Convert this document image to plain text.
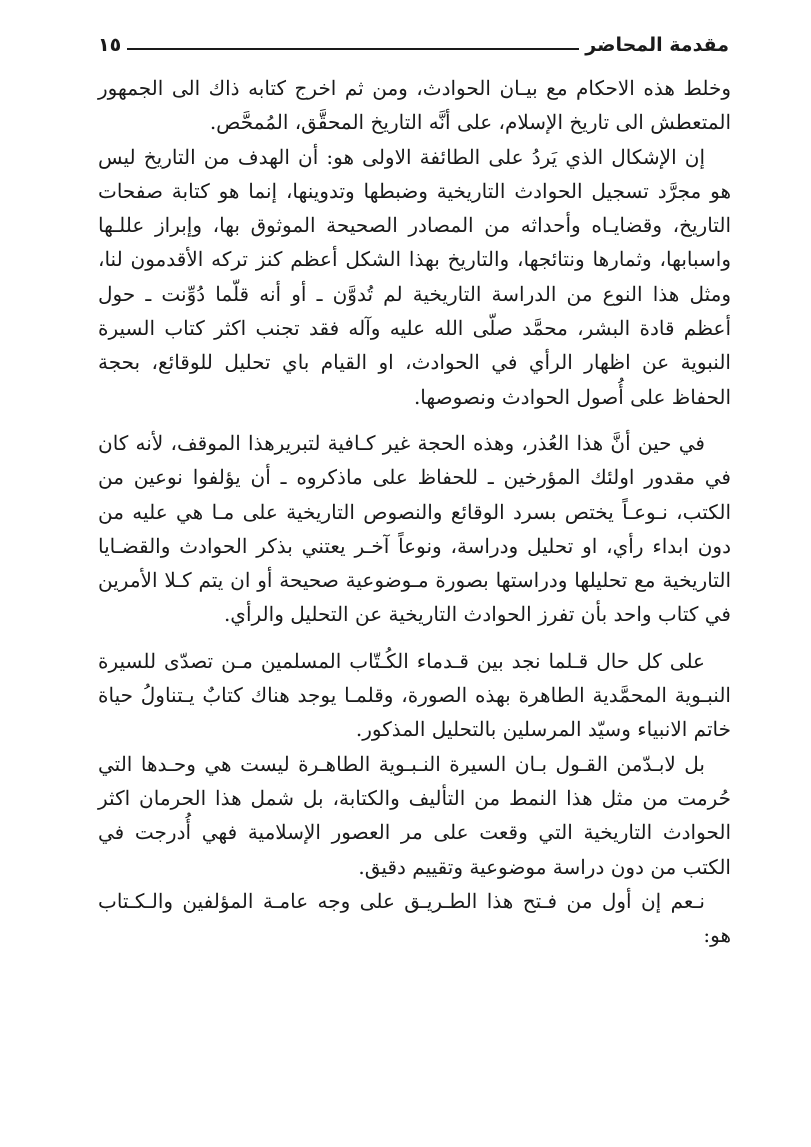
مقدمة المحاضر
١٥

وخلط هذه الاحكام مع بيـان الحوادث، ومن ثم اخرج كتابه ذاك الى الجمهور المتعطش الى تاريخ الإسلام، على أنَّه التاريخ المحقَّق، المُمحَّص.

إن الإشكال الذي يَردُ على الطائفة الاولى هو: أن الهدف من التاريخ ليس هو مجرَّد تسجيل الحوادث التاريخية وضبطها وتدوينها، إنما هو كتابة صفحات التاريخ، وقضايـاه وأحداثه من المصادر الصحيحة الموثوق بها، وإبراز عللـها واسبابها، وثمارها ونتائجها، والتاريخ بهذا الشكل أعظم كنز تركه الأقدمون لنا، ومثل هذا النوع من الدراسة التاريخية لم تُدوَّن ـ أو أنه قلّما دُوِّنت ـ حول أعظم قادة البشر، محمَّد صلّى الله عليه وآله فقد تجنب اكثر كتاب السيرة النبوية عن اظهار الرأي في الحوادث، او القيام باي تحليل للوقائع، بحجة الحفاظ على أُصول الحوادث ونصوصها.

في حين أنَّ هذا العُذر، وهذه الحجة غير كـافية لتبريرهذا الموقف، لأنه كان في مقدور اولئك المؤرخين ـ للحفاظ على ماذكروه ـ أن يؤلفوا نوعين من الكتب، نـوعـاً يختص بسرد الوقائع والنصوص التاريخية على مـا هي عليه من دون ابداء رأي، او تحليل ودراسة، ونوعاً آخـر يعتني بذكر الحوادث والقضـايا التاريخية مع تحليلها ودراستها بصورة مـوضوعية صحيحة أو ان يتم كـلا الأمرين في كتاب واحد بأن تفرز الحوادث التاريخية عن التحليل والرأي.

على كل حال قـلما نجد بين قـدماء الكُـتّاب المسلمين مـن تصدّى للسيرة النبـوية المحمَّدية الطاهرة بهذه الصورة، وقلمـا يوجد هناك كتابٌ يـتناولُ حياة خاتم الانبياء وسيّد المرسلين بالتحليل المذكور.

بل لابـدّمن القـول بـان السيرة النـبـوية الطاهـرة ليست هي وحـدها التي حُرمت من مثل هذا النمط من التأليف والكتابة، بل شمل هذا الحرمان اكثر الحوادث التاريخية التي وقعت على مر العصور الإسلامية فهي أُدرجت في الكتب من دون دراسة موضوعية وتقييم دقيق.

نـعم إن أول من فـتح هذا الطـريـق على وجه عامـة المؤلفين والـكـتاب هو:
